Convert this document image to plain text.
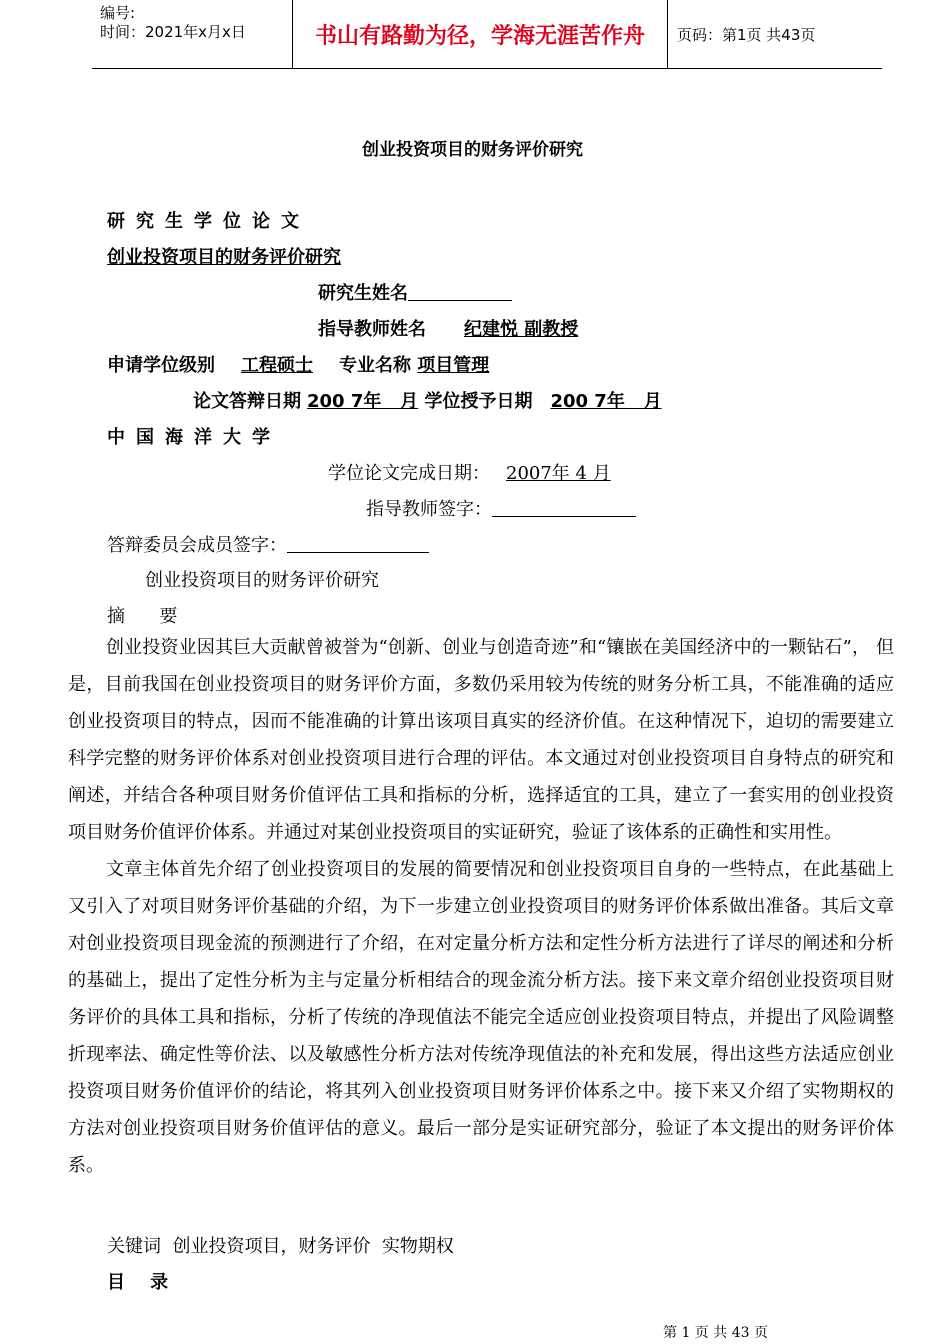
编号:
时间：2021年x月x日	书山有路勤为径，学海无涯苦作舟	页码：第1页 共43页
创业投资项目的财务评价研究
研究生学位论文
创业投资项目的财务评价研究
研究生姓名
指导教师姓名 纪建悦 副教授
申请学位级别 工程硕士 专业名称 项目管理
论文答辩日期 200 7年   月 学位授予日期 200 7年   月
中国海洋大学
学位论文完成日期： 2007年 4 月
指导教师签字：
答辩委员会成员签字：
创业投资项目的财务评价研究
摘      要

创业投资业因其巨大贡献曾被誉为“创新、创业与创造奇迹”和“镶嵌在美国经济中的一颗钻石”， 但是，目前我国在创业投资项目的财务评价方面，多数仍采用较为传统的财务分析工具，不能准确的适应创业投资项目的特点，因而不能准确的计算出该项目真实的经济价值。在这种情况下，迫切的需要建立科学完整的财务评价体系对创业投资项目进行合理的评估。本文通过对创业投资项目自身特点的研究和阐述，并结合各种项目财务价值评估工具和指标的分析，选择适宜的工具，建立了一套实用的创业投资项目财务价值评价体系。并通过对某创业投资项目的实证研究，验证了该体系的正确性和实用性。

文章主体首先介绍了创业投资项目的发展的简要情况和创业投资项目自身的一些特点，在此基础上又引入了对项目财务评价基础的介绍，为下一步建立创业投资项目的财务评价体系做出准备。其后文章对创业投资项目现金流的预测进行了介绍，在对定量分析方法和定性分析方法进行了详尽的阐述和分析的基础上，提出了定性分析为主与定量分析相结合的现金流分析方法。接下来文章介绍创业投资项目财务评价的具体工具和指标，分析了传统的净现值法不能完全适应创业投资项目特点，并提出了风险调整折现率法、确定性等价法、以及敏感性分析方法对传统净现值法的补充和发展，得出这些方法适应创业投资项目财务价值评价的结论，将其列入创业投资项目财务评价体系之中。接下来又介绍了实物期权的方法对创业投资项目财务价值评估的意义。最后一部分是实证研究部分，验证了本文提出的财务评价体系。

关键词  创业投资项目，财务评价  实物期权
目    录
第 1 页 共 43 页
